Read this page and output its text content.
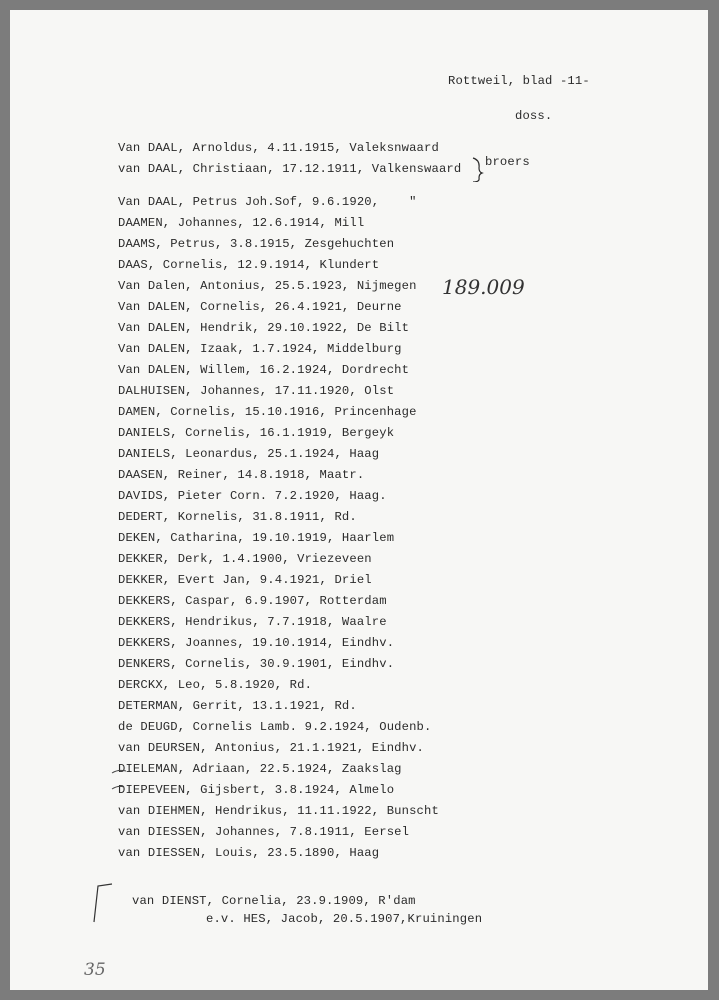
Rottweil, blad -11-
doss.
Van DAAL, Arnoldus, 4.11.1915, Valeksnwaard
van DAAL, Christiaan, 17.12.1911, Valkenswaard broers
Van DAAL, Petrus Joh.Sof, 9.6.1920,    "
DAAMEN, Johannes, 12.6.1914, Mill
DAAMS, Petrus, 3.8.1915, Zesgehuchten
DAAS, Cornelis, 12.9.1914, Klundert
Van Dalen, Antonius, 25.5.1923, Nijmegen 189.009
Van DALEN, Cornelis, 26.4.1921, Deurne
Van DALEN, Hendrik, 29.10.1922, De Bilt
Van DALEN, Izaak, 1.7.1924, Middelburg
Van DALEN, Willem, 16.2.1924, Dordrecht
DALHUISEN, Johannes, 17.11.1920, Olst
DAMEN, Cornelis, 15.10.1916, Princenhage
DANIELS, Cornelis, 16.1.1919, Bergeyk
DANIELS, Leonardus, 25.1.1924, Haag
DAASEN, Reiner, 14.8.1918, Maatr.
DAVIDS, Pieter Corn. 7.2.1920, Haag.
DEDERT, Kornelis, 31.8.1911, Rd.
DEKEN, Catharina, 19.10.1919, Haarlem
DEKKER, Derk, 1.4.1900, Vriezeveen
DEKKER, Evert Jan, 9.4.1921, Driel
DEKKERS, Caspar, 6.9.1907, Rotterdam
DEKKERS, Hendrikus, 7.7.1918, Waalre
DEKKERS, Joannes, 19.10.1914, Eindhv.
DENKERS, Cornelis, 30.9.1901, Eindhv.
DERCKX, Leo, 5.8.1920, Rd.
DETERMAN, Gerrit, 13.1.1921, Rd.
de DEUGD, Cornelis Lamb. 9.2.1924, Oudenb.
van DEURSEN, Antonius, 21.1.1921, Eindhv.
DIELEMAN, Adriaan, 22.5.1924, Zaakslag
DIEPEVEEN, Gijsbert, 3.8.1924, Almelo
van DIEHMEN, Hendrikus, 11.11.1922, Bunscht
van DIESSEN, Johannes, 7.8.1911, Eersel
van DIESSEN, Louis, 23.5.1890, Haag
van DIENST, Cornelia, 23.9.1909, R'dam
e.v. HES, Jacob, 20.5.1907,Kruiningen
35
